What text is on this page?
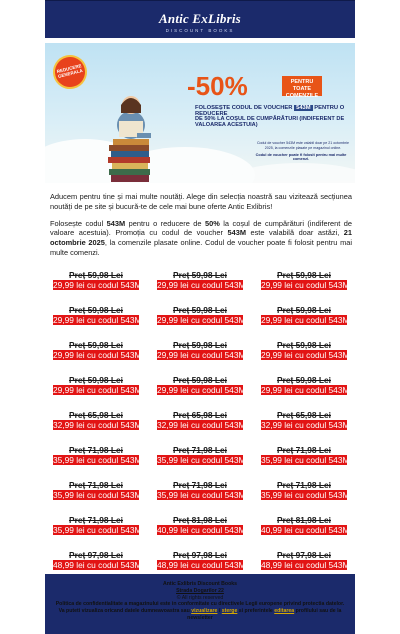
Antic ExLibris
DISCOUNT BOOKS
REDUCERE GENERALA	-50%	PENTRU TOATE COMENZILE
FOLOSEȘTE CODUL DE VOUCHER 543M PENTRU O REDUCERE
DE 50% LA COȘUL DE CUMPĂRĂTURI (INDIFERENT DE VALOAREA ACESTUIA)
Codul de voucher 543M este valabil doar pe 21 octombrie 2025, la comenzile plasate pe magazinul online.
Codul de voucher poate fi folosit pentru mai multe comenzi.

Aducem pentru tine și mai multe noutăți. Alege din selecția noastră sau vizitează secțiunea noutăți de pe site și bucură-te de cele mai bune oferte Antic Exlibris!

Folosește codul 543M pentru o reducere de 50% la coșul de cumpărături (indiferent de valoare acestuia). Promoția cu codul de voucher 543M este valabilă doar astăzi, 21 octombrie 2025, la comenzile plasate online. Codul de voucher poate fi folosit pentru mai multe comenzi.

Preț 59,98 Lei
29,99 lei cu codul 543M
Preț 59,98 Lei
29,99 lei cu codul 543M
Preț 59,98 Lei
29,99 lei cu codul 543M
Preț 59,98 Lei
29,99 lei cu codul 543M
Preț 59,98 Lei
29,99 lei cu codul 543M
Preț 59,98 Lei
29,99 lei cu codul 543M
Preț 59,98 Lei
29,99 lei cu codul 543M
Preț 59,98 Lei
29,99 lei cu codul 543M
Preț 59,98 Lei
29,99 lei cu codul 543M
Preț 59,98 Lei
29,99 lei cu codul 543M
Preț 59,98 Lei
29,99 lei cu codul 543M
Preț 59,98 Lei
29,99 lei cu codul 543M
Preț 65,98 Lei
32,99 lei cu codul 543M
Preț 65,98 Lei
32,99 lei cu codul 543M
Preț 65,98 Lei
32,99 lei cu codul 543M
Preț 71,98 Lei
35,99 lei cu codul 543M
Preț 71,98 Lei
35,99 lei cu codul 543M
Preț 71,98 Lei
35,99 lei cu codul 543M
Preț 71,98 Lei
35,99 lei cu codul 543M
Preț 71,98 Lei
35,99 lei cu codul 543M
Preț 71,98 Lei
35,99 lei cu codul 543M
Preț 71,98 Lei
35,99 lei cu codul 543M
Preț 81,98 Lei
40,99 lei cu codul 543M
Preț 81,98 Lei
40,99 lei cu codul 543M
Preț 97,98 Lei
48,99 lei cu codul 543M
Preț 97,98 Lei
48,99 lei cu codul 543M
Preț 97,98 Lei
48,99 lei cu codul 543M
Antic Exlibris Discount Books
Strada Dogarilor 22
© All rights reserved
Politica de confidentialitate a magazinului este in conformitate cu directivele Legii europene privind protectia datelor. Va puteti vizualiza oricand datele dumneavoastra sau vizualizare / sterge si preferintele editarea profilului sau de la newsletter
